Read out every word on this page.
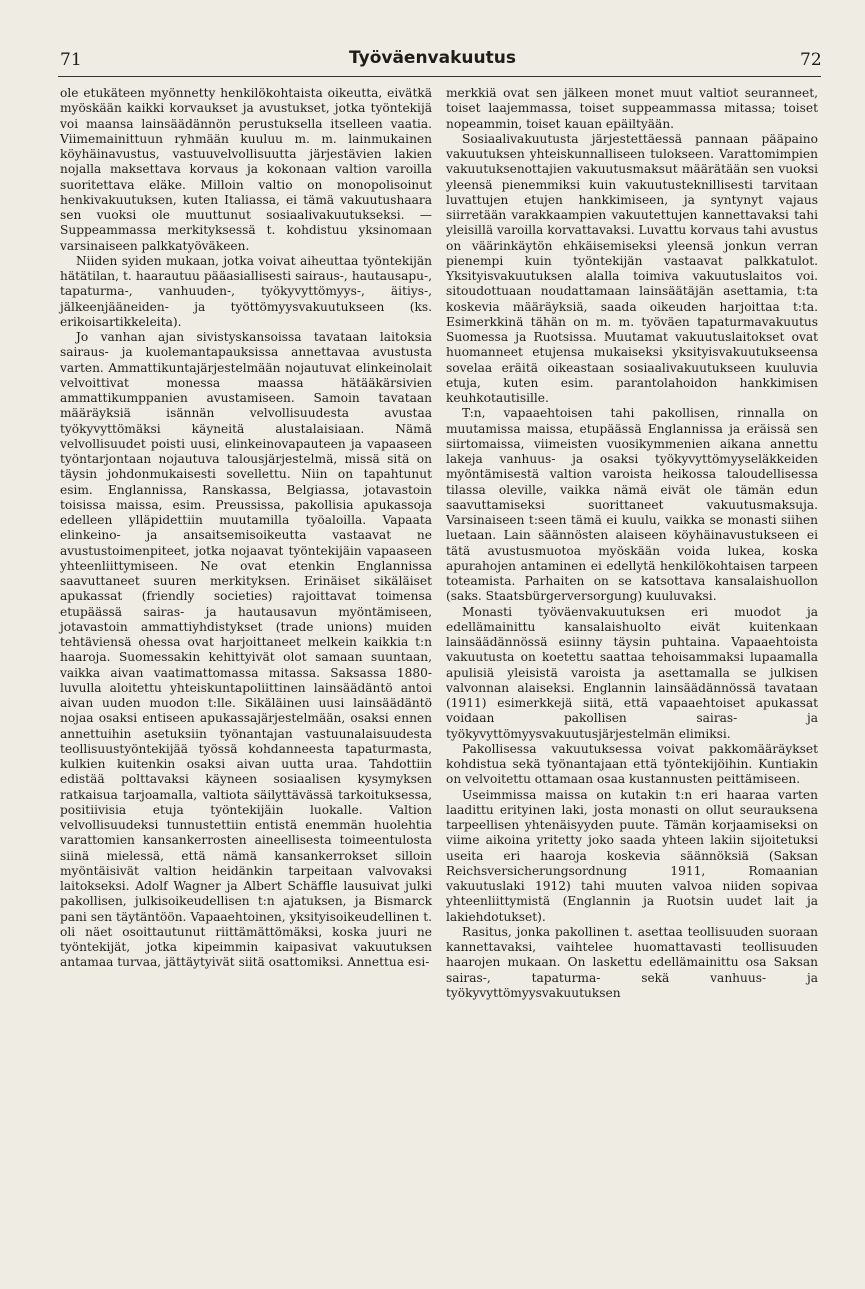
71	Työväenvakuutus	72

ole etukäteen myönnetty henkilökohtaista oikeutta, eivätkä myöskään kaikki korvaukset ja avustukset, jotka työntekijä voi maansa lainsäädännön perustuksella itselleen vaatia. Viimemainittuun ryhmään kuuluu m. m. lainmukainen köyhäinavustus, vastuuvelvollisuutta järjestävien lakien nojalla maksettava korvaus ja kokonaan valtion varoilla suoritettava eläke. Milloin valtio on monopolisoinut henkivakuutuksen, kuten Italiassa, ei tämä vakuutushaara sen vuoksi ole muuttunut sosiaalivakuutukseksi. — Suppeammassa merkityksessä t. kohdistuu yksinomaan varsinaiseen palkkatyöväkeen.

Niiden syiden mukaan, jotka voivat aiheuttaa työntekijän hätätilan, t. haarautuu pääasiallisesti sairaus-, hautausapu-, tapaturma-, vanhuuden-, työkyvyttömyys-, äitiys-, jälkeenjääneiden- ja työttömyysvakuutukseen (ks. erikoisartikkeleita).

Jo vanhan ajan sivistyskansoissa tavataan laitoksia sairaus- ja kuolemantapauksissa annettavaa avustusta varten. Ammattikuntajärjestelmään nojautuvat elinkeinolait velvoittivat monessa maassa hätääkärsivien ammattikumppanien avustamiseen. Samoin tavataan määräyksiä isännän velvollisuudesta avustaa työkyvyttömäksi käyneitä alustalaisiaan. Nämä velvollisuudet poisti uusi, elinkeinovapauteen ja vapaaseen työntarjontaan nojautuva talousjärjestelmä, missä sitä on täysin johdonmukaisesti sovellettu. Niin on tapahtunut esim. Englannissa, Ranskassa, Belgiassa, jotavastoin toisissa maissa, esim. Preussissa, pakollisia apukassoja edelleen ylläpidettiin muutamilla työaloilla. Vapaata elinkeino- ja ansaitsemisoikeutta vastaavat ne avustustoimenpiteet, jotka nojaavat työntekijäin vapaaseen yhteenliittymiseen. Ne ovat etenkin Englannissa saavuttaneet suuren merkityksen. Erinäiset sikäläiset apukassat (friendly societies) rajoittavat toimensa etupäässä sairas- ja hautausavun myöntämiseen, jotavastoin ammattiyhdistykset (trade unions) muiden tehtäviensä ohessa ovat harjoittaneet melkein kaikkia t:n haaroja. Suomessakin kehittyivät olot samaan suuntaan, vaikka aivan vaatimattomassa mitassa. Saksassa 1880-luvulla aloitettu yhteiskuntapoliittinen lainsäädäntö antoi aivan uuden muodon t:lle. Sikäläinen uusi lainsäädäntö nojaa osaksi entiseen apukassajärjestelmään, osaksi ennen annettuihin asetuksiin työnantajan vastuunalaisuudesta teollisuustyöntekijää työssä kohdanneesta tapaturmasta, kulkien kuitenkin osaksi aivan uutta uraa. Tahdottiin edistää polttavaksi käyneen sosiaalisen kysymyksen ratkaisua tarjoamalla, valtiota säilyttävässä tarkoituksessa, positiivisia etuja työntekijäin luokalle. Valtion velvollisuudeksi tunnustettiin entistä enemmän huolehtia varattomien kansankerrosten aineellisesta toimeentulosta siinä mielessä, että nämä kansankerrokset silloin myöntäisivät valtion heidänkin tarpeitaan valvovaksi laitokseksi. Adolf Wagner ja Albert Schäffle lausuivat julki pakollisen, julkisoikeudellisen t:n ajatuksen, ja Bismarck pani sen täytäntöön. Vapaaehtoinen, yksityisoikeudellinen t. oli näet osoittautunut riittämättömäksi, koska juuri ne työntekijät, jotka kipeimmin kaipasivat vakuutuksen antamaa turvaa, jättäytyivät siitä osattomiksi. Annettua esi-

merkkiä ovat sen jälkeen monet muut valtiot seuranneet, toiset laajemmassa, toiset suppeammassa mitassa; toiset nopeammin, toiset kauan epäiltyään.

Sosiaalivakuutusta järjestettäessä pannaan pääpaino vakuutuksen yhteiskunnalliseen tulokseen. Varattomimpien vakuutuksenottajien vakuutusmaksut määrätään sen vuoksi yleensä pienemmiksi kuin vakuutusteknillisesti tarvitaan luvattujen etujen hankkimiseen, ja syntynyt vajaus siirretään varakkaampien vakuutettujen kannettavaksi tahi yleisillä varoilla korvattavaksi. Luvattu korvaus tahi avustus on väärinkäytön ehkäisemiseksi yleensä jonkun verran pienempi kuin työntekijän vastaavat palkkatulot. Yksityisvakuutuksen alalla toimiva vakuutuslaitos voi. sitoudottuaan noudattamaan lainsäätäjän asettamia, t:ta koskevia määräyksiä, saada oikeuden harjoittaa t:ta. Esimerkkinä tähän on m. m. työväen tapaturmavakuutus Suomessa ja Ruotsissa. Muutamat vakuutuslaitokset ovat huomanneet etujensa mukaiseksi yksityisvakuutukseensa sovelaa eräitä oikeastaan sosiaalivakuutukseen kuuluvia etuja, kuten esim. parantolahoidon hankkimisen keuhkotautisille.

T:n, vapaaehtoisen tahi pakollisen, rinnalla on muutamissa maissa, etupäässä Englannissa ja eräissä sen siirtomaissa, viimeisten vuosikymmenien aikana annettu lakeja vanhuus- ja osaksi työkyvyttömyyseläkkeiden myöntämisestä valtion varoista heikossa taloudellisessa tilassa oleville, vaikka nämä eivät ole tämän edun saavuttamiseksi suorittaneet vakuutusmaksuja. Varsinaiseen t:seen tämä ei kuulu, vaikka se monasti siihen luetaan. Lain säännösten alaiseen köyhäinavustukseen ei tätä avustusmuotoa myöskään voida lukea, koska apurahojen antaminen ei edellytä henkilökohtaisen tarpeen toteamista. Parhaiten on se katsottava kansalaishuollon (saks. Staatsbürgerversorgung) kuuluvaksi.

Monasti työväenvakuutuksen eri muodot ja edellämainittu kansalaishuolto eivät kuitenkaan lainsäädännössä esiinny täysin puhtaina. Vapaaehtoista vakuutusta on koetettu saattaa tehoisammaksi lupaamalla apulisiä yleisistä varoista ja asettamalla se julkisen valvonnan alaiseksi. Englannin lainsäädännössä tavataan (1911) esimerkkejä siitä, että vapaaehtoiset apukassat voidaan pakollisen sairas- ja työkyvyttömyysvakuutusjärjestelmän elimiksi.

Pakollisessa vakuutuksessa voivat pakkomääräykset kohdistua sekä työnantajaan että työntekijöihin. Kuntiakin on velvoitettu ottamaan osaa kustannusten peittämiseen.

Useimmissa maissa on kutakin t:n eri haaraa varten laadittu erityinen laki, josta monasti on ollut seurauksena tarpeellisen yhtenäisyyden puute. Tämän korjaamiseksi on viime aikoina yritetty joko saada yhteen lakiin sijoitetuksi useita eri haaroja koskevia säännöksiä (Saksan Reichsversicherungsordnung 1911, Romaanian vakuutuslaki 1912) tahi muuten valvoa niiden sopivaa yhteenliittymistä (Englannin ja Ruotsin uudet lait ja lakiehdotukset).

Rasitus, jonka pakollinen t. asettaa teollisuuden suoraan kannettavaksi, vaihtelee huomattavasti teollisuuden haarojen mukaan. On laskettu edellämainittu osa Saksan sairas-, tapaturma- sekä vanhuus- ja työkyvyttömyysvakuutuksen
